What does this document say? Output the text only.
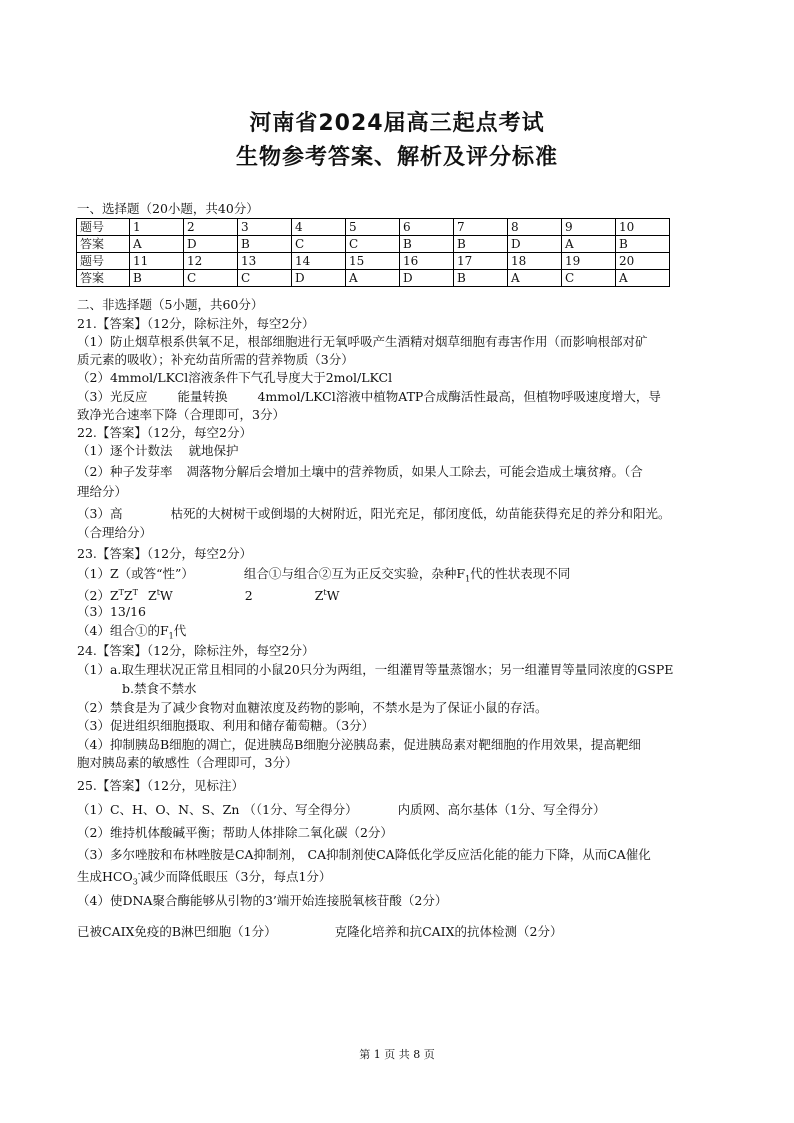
河南省2024届高三起点考试
生物参考答案、解析及评分标准
一、选择题（20小题，共40分）
题号	1	2	3	4	5	6	7	8	9	10
答案	A	D	B	C	C	B	B	D	A	B
题号	11	12	13	14	15	16	17	18	19	20
答案	B	C	C	D	A	D	B	A	C	A
二、非选择题（5小题，共60分）
21.【答案】（12分，除标注外，每空2分）
（1）防止烟草根系供氧不足，根部细胞进行无氧呼吸产生酒精对烟草细胞有毒害作用（而影响根部对矿
质元素的吸收）；补充幼苗所需的营养物质（3分）
（2）4mmol/LKCl溶液条件下气孔导度大于2mol/LKCl
（3）光反应 能量转换 4mmol/LKCl溶液中植物ATP合成酶活性最高，但植物呼吸速度增大，导
致净光合速率下降（合理即可，3分）
22.【答案】（12分，每空2分）
（1）逐个计数法 就地保护
（2）种子发芽率 凋落物分解后会增加土壤中的营养物质，如果人工除去，可能会造成土壤贫瘠。（合
理给分）
（3）高	枯死的大树树干或倒塌的大树附近，阳光充足，郁闭度低，幼苗能获得充足的养分和阳光。
（合理给分）
23.【答案】（12分，每空2分）
（1）Z（或答“性”）	组合①与组合②互为正反交实验，杂种$F_1$代的性状表现不同
$(2)Z^TZ^T$ $Z^tW$	2	$Z^tW$
（3）13/16
（4）组合①的$F_1$代
24.【答案】（12分，除标注外，每空2分）
（1）a.取生理状况正常且相同的小鼠20只分为两组，一组灌胃等量蒸馏水；另一组灌胃等量同浓度的GSPE
b.禁食不禁水
（2）禁食是为了减少食物对血糖浓度及药物的影响，不禁水是为了保证小鼠的存活。
（3）促进组织细胞摄取、利用和储存葡萄糖。（3分）
（4）抑制胰岛B细胞的凋亡，促进胰岛B细胞分泌胰岛素，促进胰岛素对靶细胞的作用效果，提高靶细
胞对胰岛素的敏感性（合理即可，3分）
25.【答案】（12分，见标注）
（1）C、H、O、N、S、Zn （（1分、写全得分）	内质网、高尔基体（1分、写全得分）
（2）维持机体酸碱平衡；帮助人体排除二氧化碳（2分）
（3）多尔唑胺和布林唑胺是CA抑制剂， CA抑制剂使CA降低化学反应活化能的能力下降，从而CA催化
生成$HCO_3^-$减少而降低眼压（3分，每点1分）
（4）使DNA聚合酶能够从引物的3’端开始连接脱氧核苷酸（2分）
已被CAIX免疫的B淋巴细胞（1分）	克隆化培养和抗CAIX的抗体检测（2分）
第 1 页 共 8 页
